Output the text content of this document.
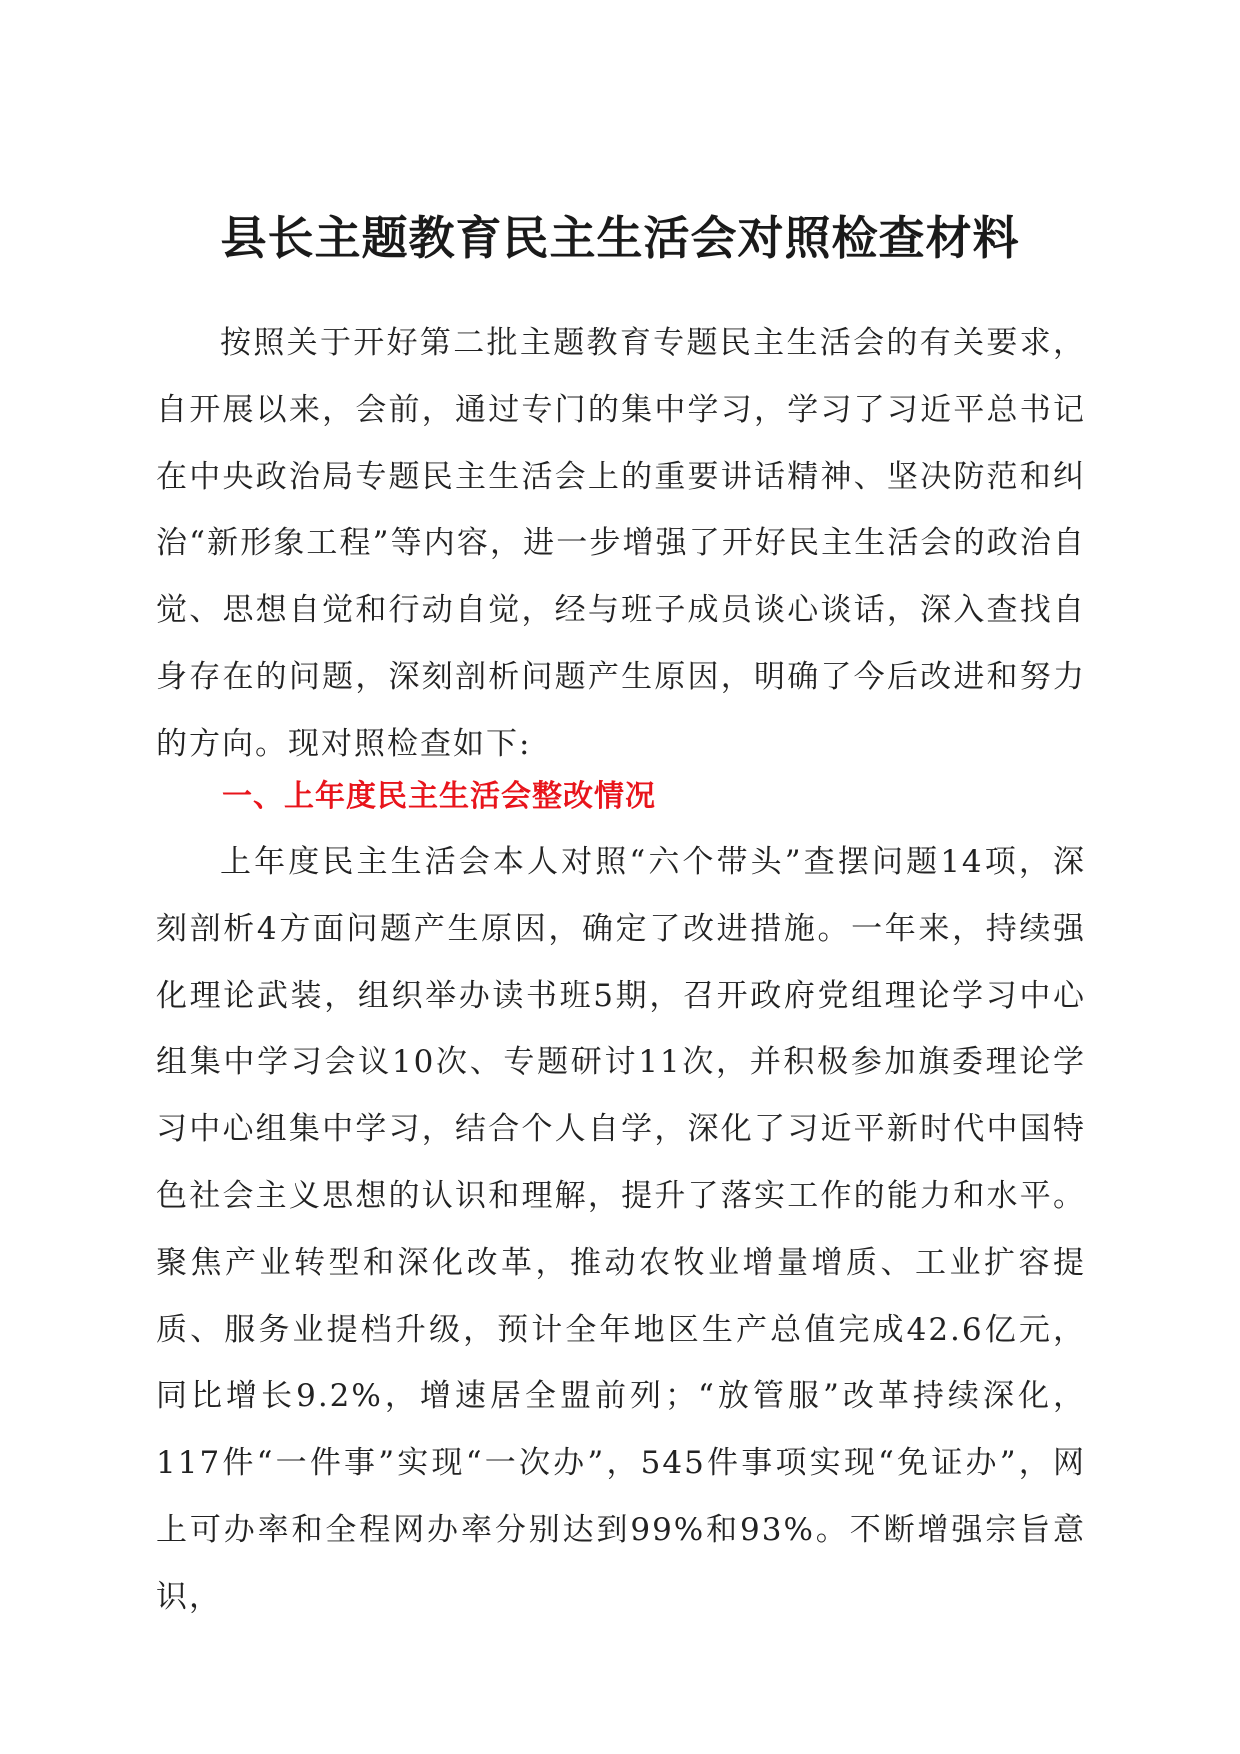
县长主题教育民主生活会对照检查材料

按照关于开好第二批主题教育专题民主生活会的有关要求，自开展以来，会前，通过专门的集中学习，学习了习近平总书记在中央政治局专题民主生活会上的重要讲话精神、坚决防范和纠治“新形象工程”等内容，进一步增强了开好民主生活会的政治自觉、思想自觉和行动自觉，经与班子成员谈心谈话，深入查找自身存在的问题，深刻剖析问题产生原因，明确了今后改进和努力的方向。现对照检查如下:

一、上年度民主生活会整改情况

上年度民主生活会本人对照“六个带头”查摆问题14项，深刻剖析4方面问题产生原因，确定了改进措施。一年来，持续强化理论武装，组织举办读书班5期，召开政府党组理论学习中心组集中学习会议10次、专题研讨11次，并积极参加旗委理论学习中心组集中学习，结合个人自学，深化了习近平新时代中国特色社会主义思想的认识和理解，提升了落实工作的能力和水平。聚焦产业转型和深化改革，推动农牧业增量增质、工业扩容提质、服务业提档升级，预计全年地区生产总值完成42.6亿元，同比增长9.2%，增速居全盟前列；“放管服”改革持续深化，117件“一件事”实现“一次办”，545件事项实现“免证办”，网上可办率和全程网办率分别达到99%和93%。不断增强宗旨意识，
